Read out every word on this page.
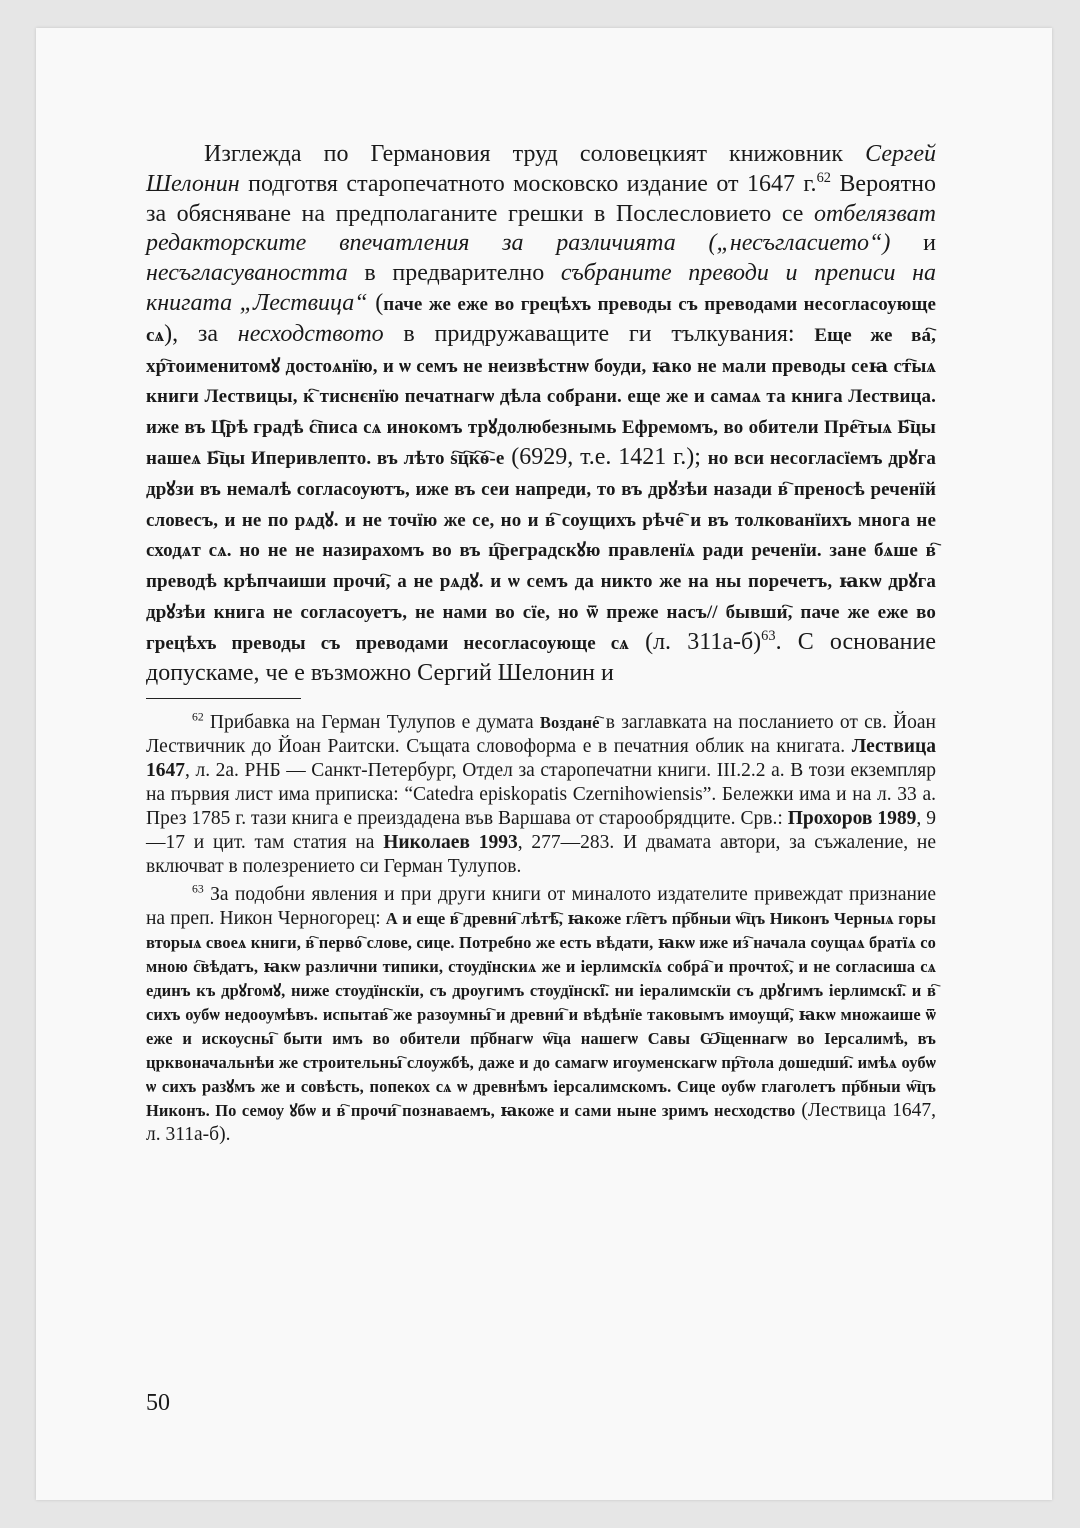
Изглежда по Германовия труд соловецкият книжовник Сергей Шелонин подготвя старопечатното московско издание от 1647 г.$^{62}$ Вероятно за обясняване на предполаганите грешки в Послесловието се отбелязват редакторските впечатления за различията („несъгласието“) и несъгласуваността в предварително събраните преводи и преписи на книгата „Лествица“ (паче же еже во грецѣхъ преводы съ преводами несогласоующе сѧ), за несходството в придружаващите ги тълкувания: Еще же ва҇, хр҇тоименитомꙋ достоѧнїю, и ѡ семъ не неизвѣстнѡ боуди, ꙗко не мали преводы сеꙗ ст҇ыѧ книги Лествицы, к҇ тиснєнїю печатнагѡ дѣла собрани. еще же и самаѧ та книга Лествица. иже въ Ц҇рѣ градѣ с҇писа сѧ инокомъ трꙋдолюбезнымь Ефремомъ, во обители Пре҇тыѧ Б҇цы нашеѧ Б҇цы Иперивлепто. въ лѣто ѕ҇ц҇к҇ѳ҇-е (6929, т.е. 1421 г.); но вси несогласїемъ дрꙋга дрꙋзи въ немалѣ согласоуютъ, иже въ сеи напреди, то въ дрꙋзѣи назади в҇ преносѣ реченїй словесъ, и не по рѧдꙋ. и не точїю же се, но и в҇ соущихъ рѣче҇ и въ толкованїихъ многа не сходѧт сѧ. но не не назирахомъ во въ ц҇реградскꙋю правленїѧ ради реченїи. зане бѧше в҇ преводѣ крѣпчаиши прочи҇, а не рѧдꙋ. и ѡ семъ да никто же на ны поречетъ, ꙗкѡ дрꙋга дрꙋзѣи книга не согласоуетъ, не нами во сїе, но ѿ преже насъ// бывши҇, паче же еже во грецѣхъ преводы съ преводами несогласоующе сѧ (л. 311а-б)$^{63}$. С основание допускаме, че е възможно Сергий Шелонин и

$^{62}$ Прибавка на Герман Тулупов е думата Воздане҇ в заглавката на посланието от св. Йоан Лествичник до Йоан Раитски. Същата словоформа е в печатния облик на книгата. Лествица 1647, л. 2а. РНБ — Санкт-Петербург, Отдел за старопечатни книги. III.2.2 а. В този екземпляр на първия лист има приписка: “Catedra episkopatis Czernihowiensis”. Бележки има и на л. 33 а. През 1785 г. тази книга е преиздадена във Варшава от старообрядците. Срв.: Прохоров 1989, 9—17 и цит. там статия на Николаев 1993, 277—283. И двамата автори, за съжаление, не включват в полезрението си Герман Тулупов.

$^{63}$ За подобни явления и при други книги от миналото издателите привеждат признание на преп. Никон Черногорец: А и еще в҇ древни҇ лѣтѣ҇, ꙗкоже гл҇етъ пр҇бныи ѡ҇цъ Никонъ Черныѧ горы вторыѧ своеѧ книги, в҇ перво҇ слове, сице. Потребно же есть вѣдати, ꙗкѡ иже из҇ начала соущаѧ братїѧ со мною с҇вѣдатъ, ꙗкѡ различни типики, стоудїнскиѧ же и іерлимскїѧ собра҇ и прочтох҇, и не согласиша сѧ единъ къ дрꙋгомꙋ, ниже стоудїнскїи, съ дроугимъ стоудїнскї҇. ни іералимскїи съ дрꙋгимъ іерлимскї҇. и в҇ сихъ оубѡ недооумѣвъ. испытав҇ же разоумны҇ и древни҇ и вѣдѣнїе таковымъ имоущи҇, ꙗкѡ множаише ѿ еже и искоусны҇ быти имъ во обители пр҇бнагѡ ѡ҇ца нашегѡ Савы Ѡ҇щеннагѡ во Іерсалимѣ, въ црквоначальнѣи же строительны҇ слоужбѣ, даже и до самагѡ игоуменскагѡ пр҇тола дошедши҇. имѣѧ оубѡ ѡ сихъ разꙋмъ же и совѣсть, попекох сѧ ѡ древнѣмъ іерсалимскомъ. Сице оубѡ глаголетъ пр҇бныи ѡ҇цъ Никонъ. По семоу ꙋбѡ и в҇ прочи҇ познаваемъ, ꙗкоже и сами ныне зримъ несходство (Лествица 1647, л. 311а-б).

50
